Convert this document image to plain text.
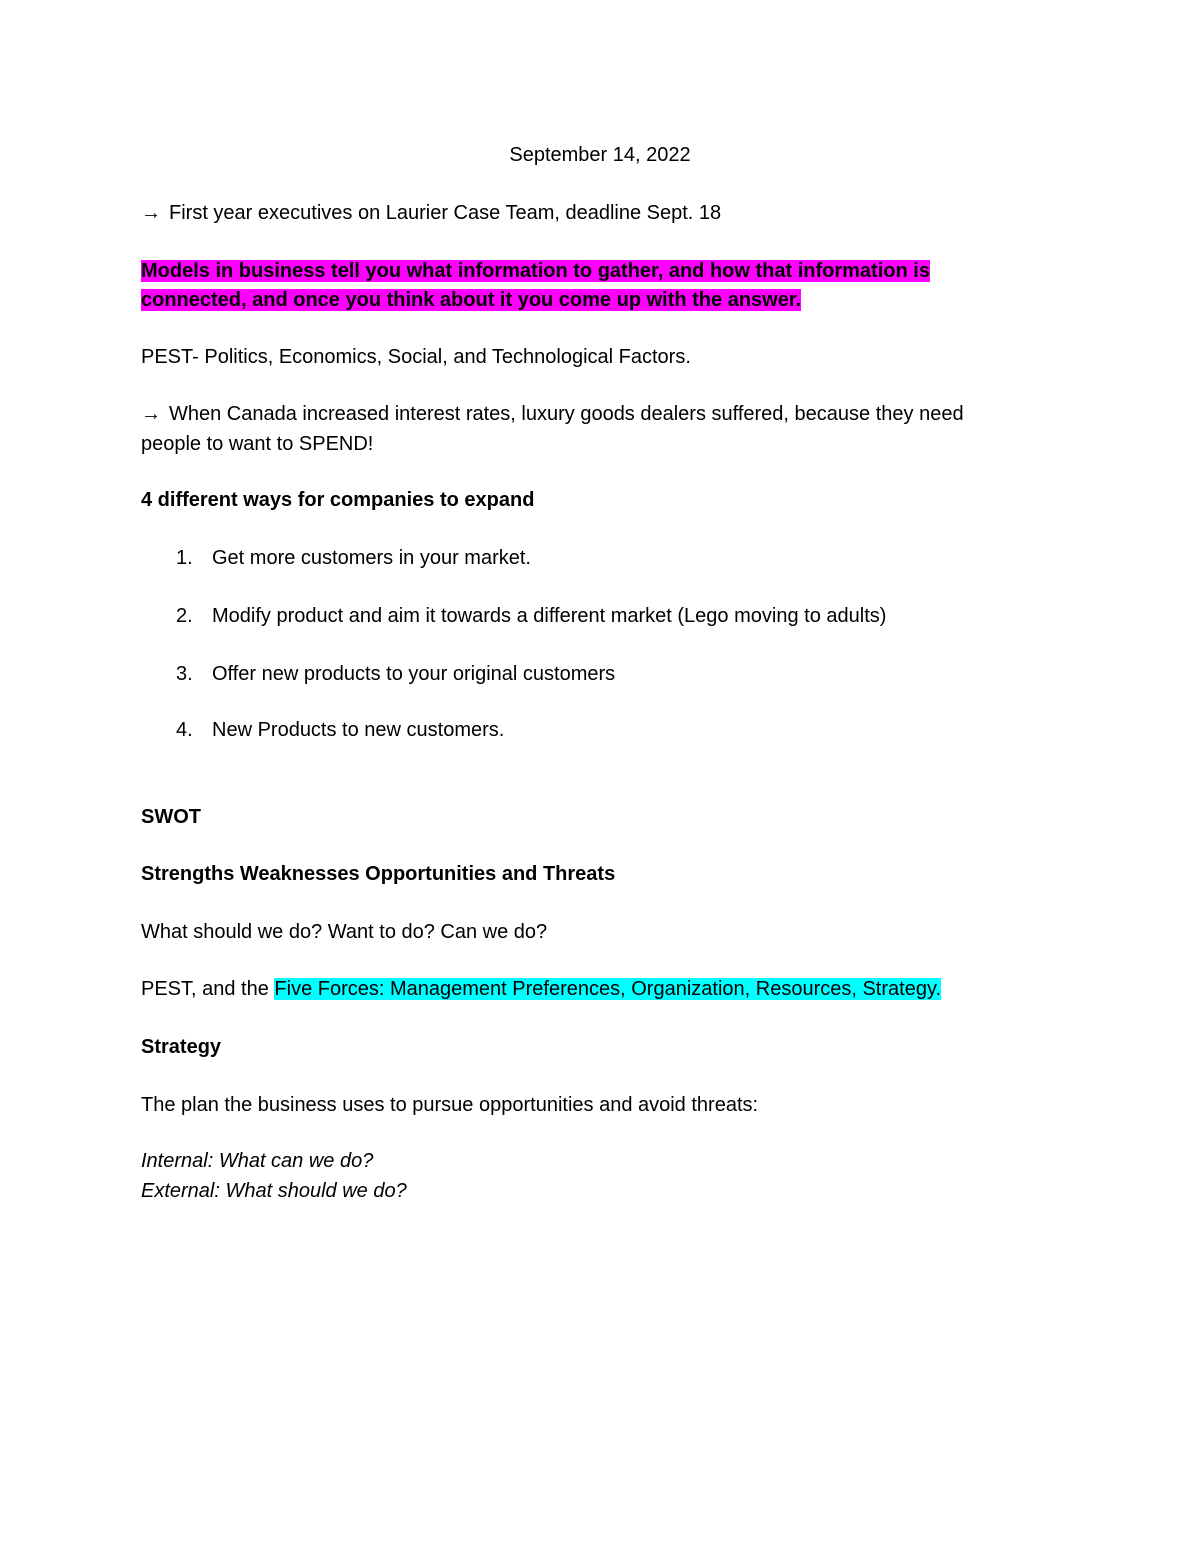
September 14, 2022
→ First year executives on Laurier Case Team, deadline Sept. 18
Models in business tell you what information to gather, and how that information is
connected, and once you think about it you come up with the answer.
PEST- Politics, Economics, Social, and Technological Factors.
→ When Canada increased interest rates, luxury goods dealers suffered, because they need
people to want to SPEND!
4 different ways for companies to expand
1. Get more customers in your market.
2. Modify product and aim it towards a different market (Lego moving to adults)
3. Offer new products to your original customers
4. New Products to new customers.
SWOT
Strengths Weaknesses Opportunities and Threats
What should we do? Want to do? Can we do?
PEST, and the Five Forces: Management Preferences, Organization, Resources, Strategy.
Strategy
The plan the business uses to pursue opportunities and avoid threats:
Internal: What can we do?
External: What should we do?
